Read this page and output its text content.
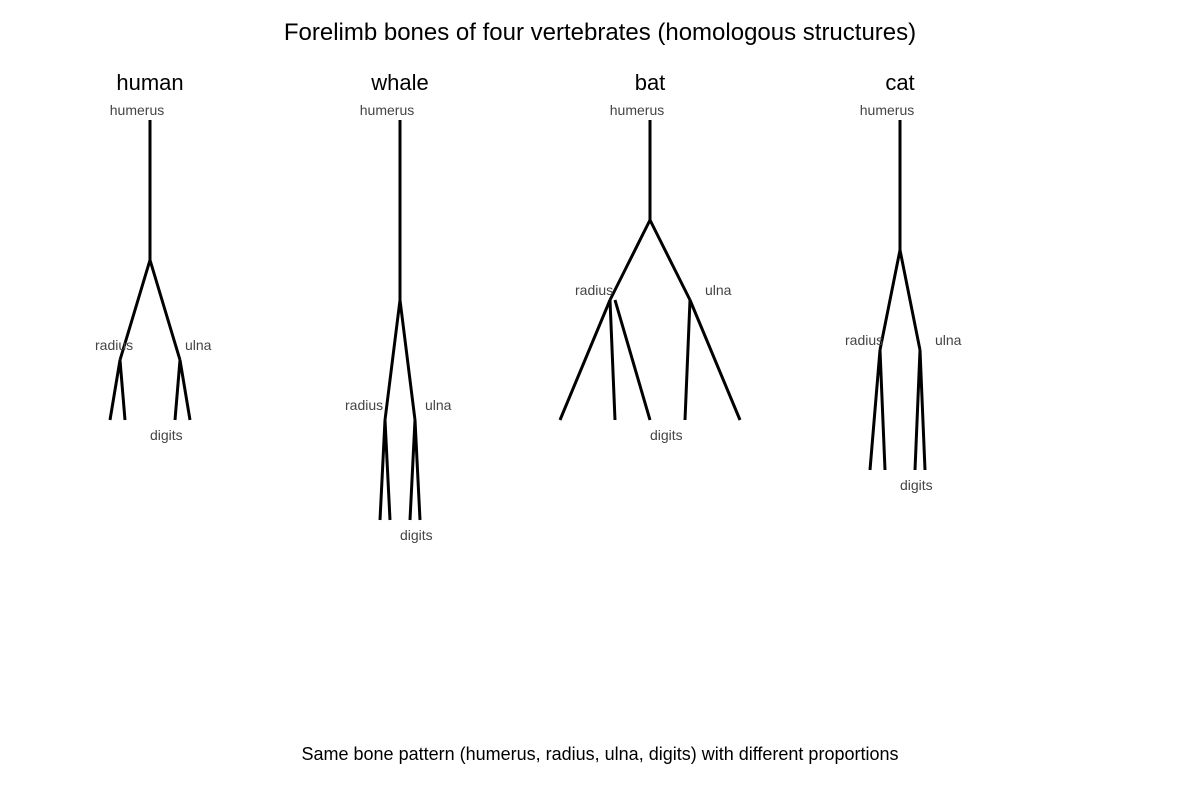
Forelimb bones of four vertebrates (homologous structures)
human
humerus
radius	ulna
digits
whale
humerus
radius	ulna
digits
bat
humerus
radius	ulna
digits
cat
humerus
radius	ulna
digits
Same bone pattern (humerus, radius, ulna, digits) with different proportions
